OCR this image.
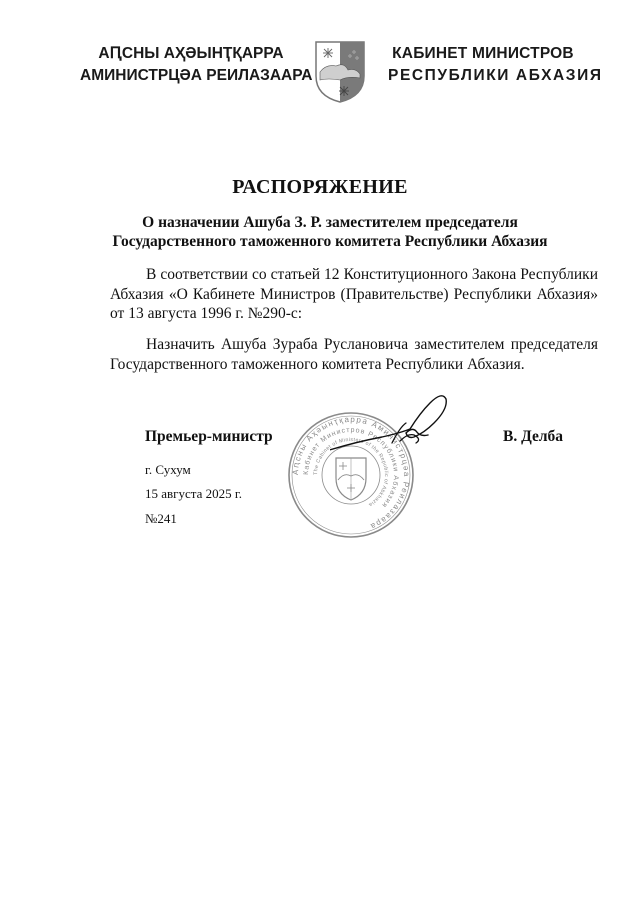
АԤСНЫ АҲӘЫНҬҚАРРА
АМИНИСТРЦӘА РЕИЛАЗААРА
КАБИНЕТ МИНИСТРОВ
РЕСПУБЛИКИ АБХАЗИЯ
РАСПОРЯЖЕНИЕ
О назначении Ашуба З. Р. заместителем председателя
Государственного таможенного комитета Республики Абхазия
В соответствии со статьей 12 Конституционного Закона Республики Абхазия «О Кабинете Министров (Правительстве) Республики Абхазия» от 13 августа 1996 г. №290-с:
Назначить Ашуба Зураба Руслановича заместителем председателя Государственного таможенного комитета Республики Абхазия.
Премьер-министр	В. Делба
г. Сухум
15 августа 2025 г.
№241
Аԥсны Аҳәынҭқарра Аминистрцәа Реилазаара
Кабинет Министров Республики Абхазия
The Cabinet of Ministers of the Republic of Abkhazia
